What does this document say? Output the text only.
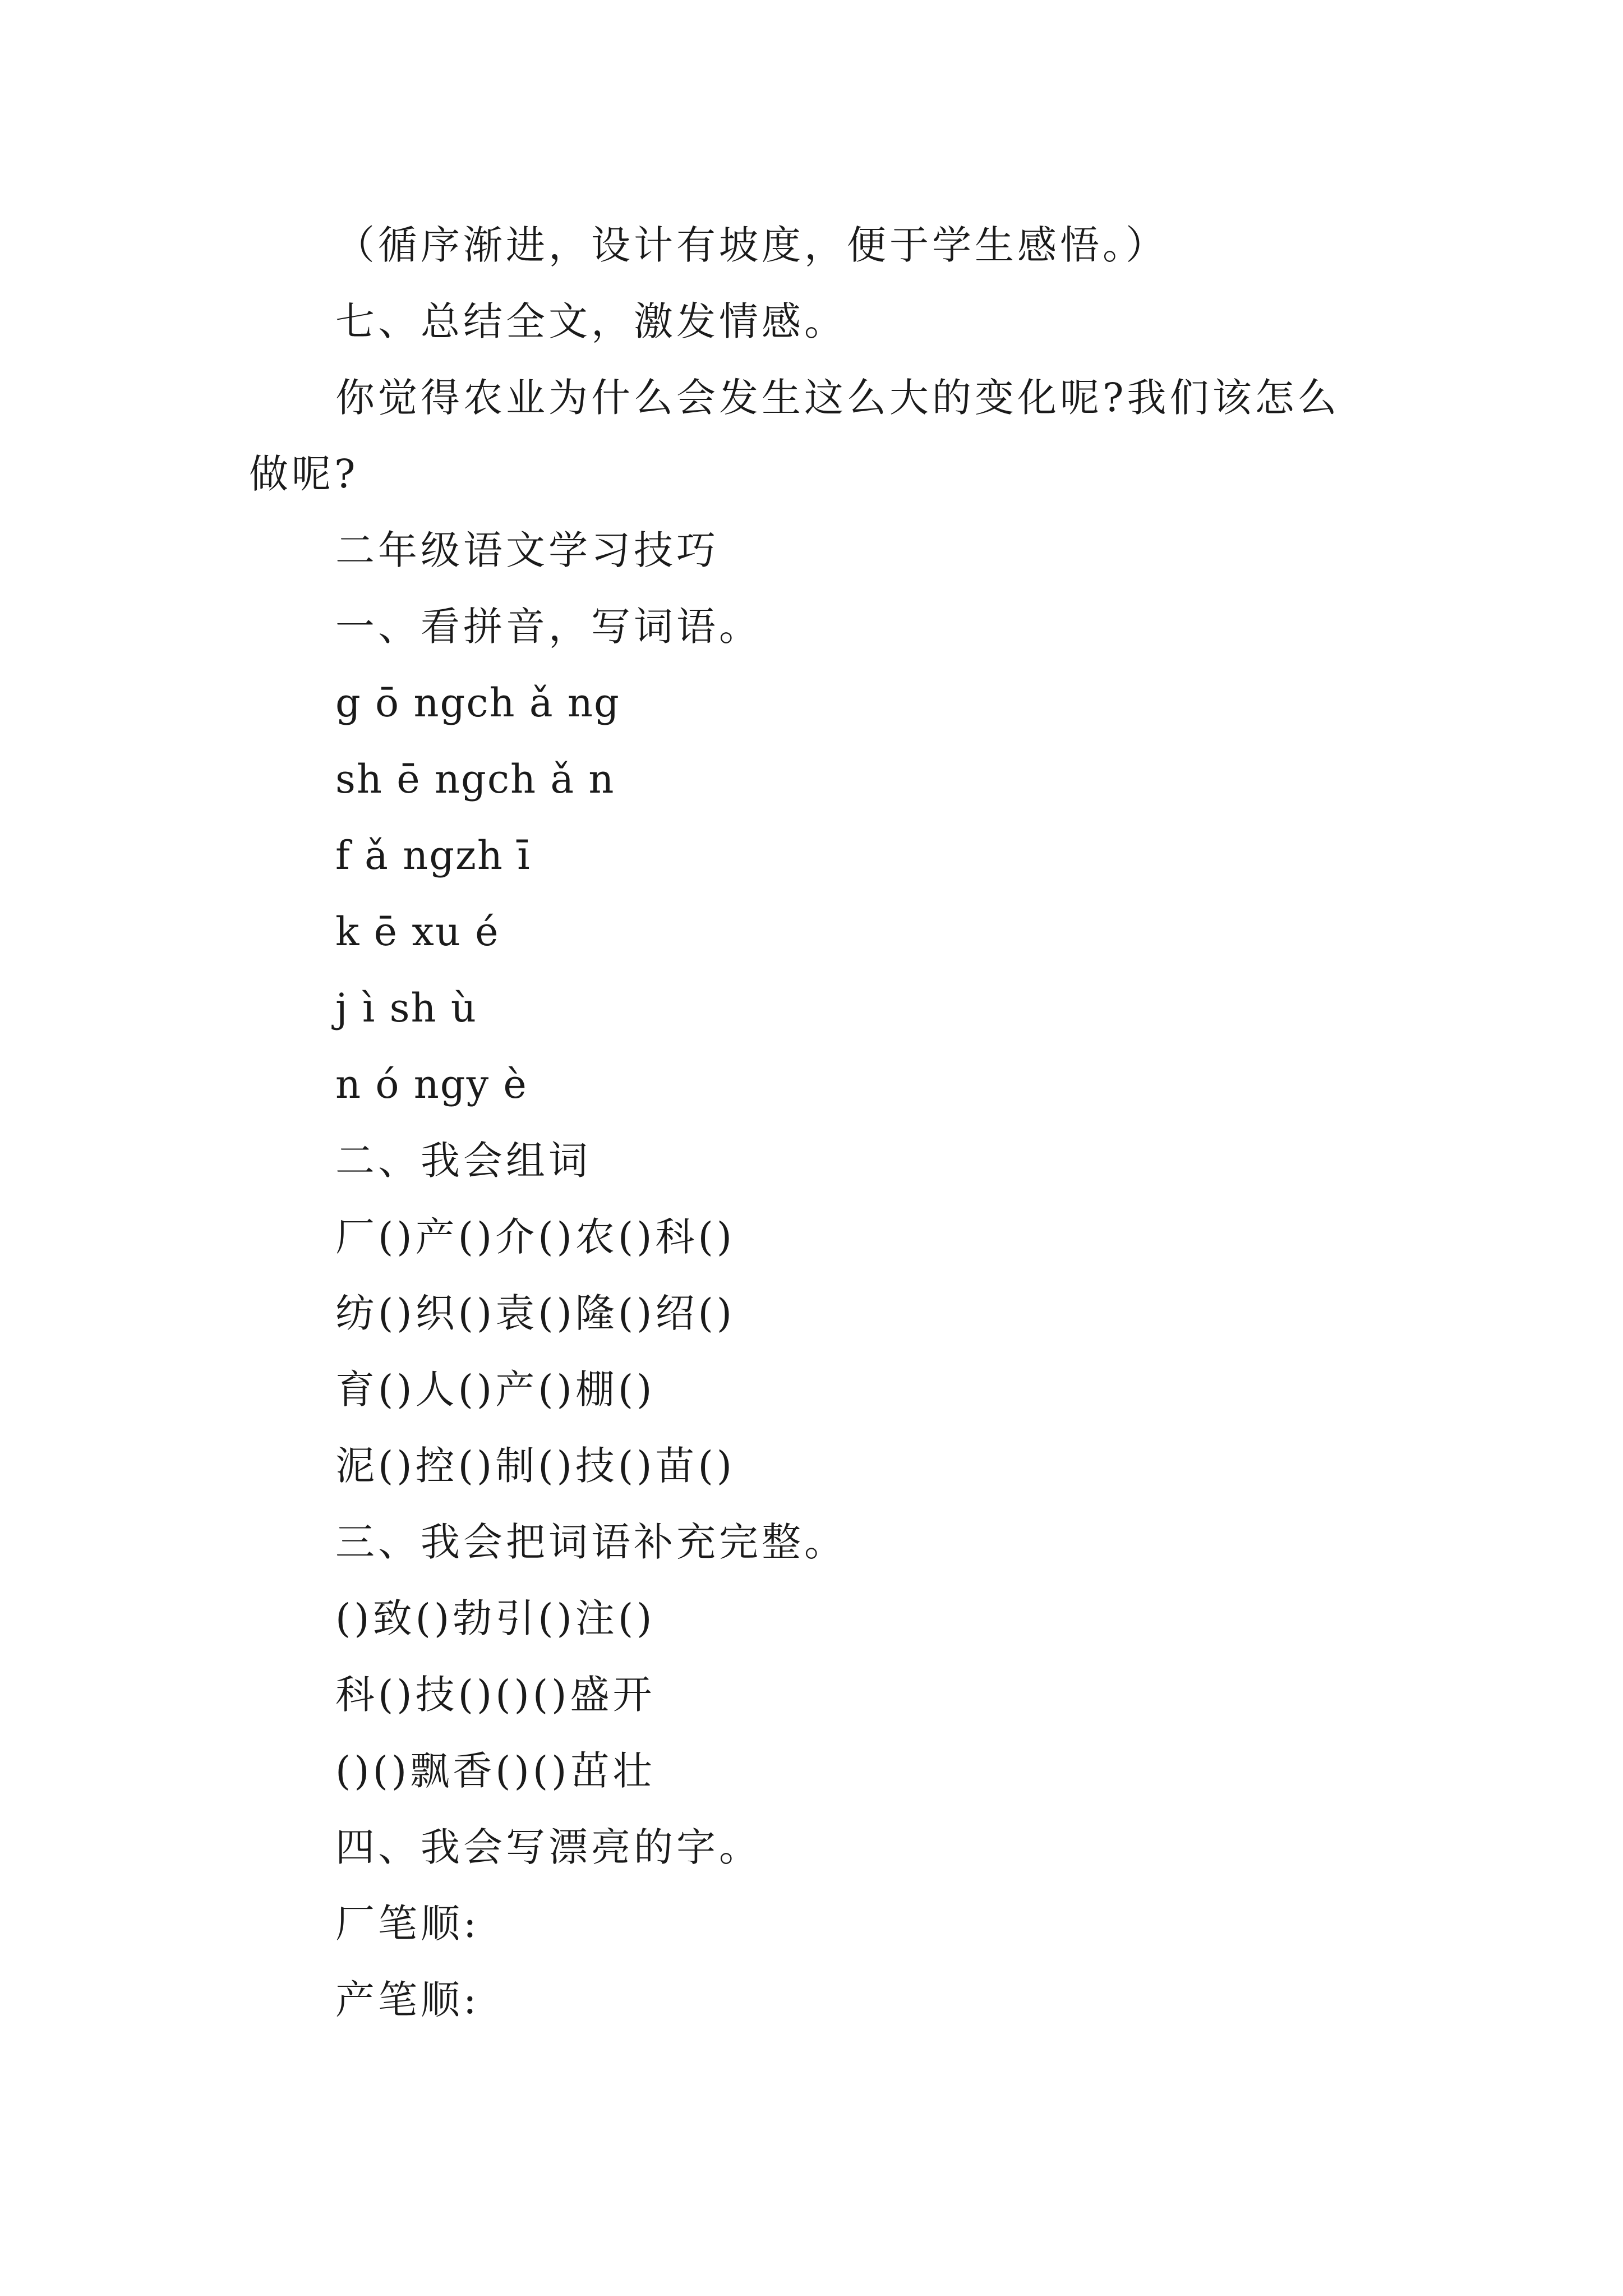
（循序渐进，设计有坡度，便于学生感悟。）
七、总结全文，激发情感。
你觉得农业为什么会发生这么大的变化呢?我们该怎么
做呢?
二年级语文学习技巧
一、看拼音，写词语。
g ō ngch ǎ ng
sh ē ngch ǎ n
f ǎ ngzh ī
k ē xu é
j ì sh ù
n ó ngy è
二、我会组词
厂()产()介()农()科()
纺()织()袁()隆()绍()
育()人()产()棚()
泥()控()制()技()苗()
三、我会把词语补充完整。
()致()勃引()注()
科()技()()()盛开
()()飘香()()茁壮
四、我会写漂亮的字。
厂笔顺:
产笔顺:
